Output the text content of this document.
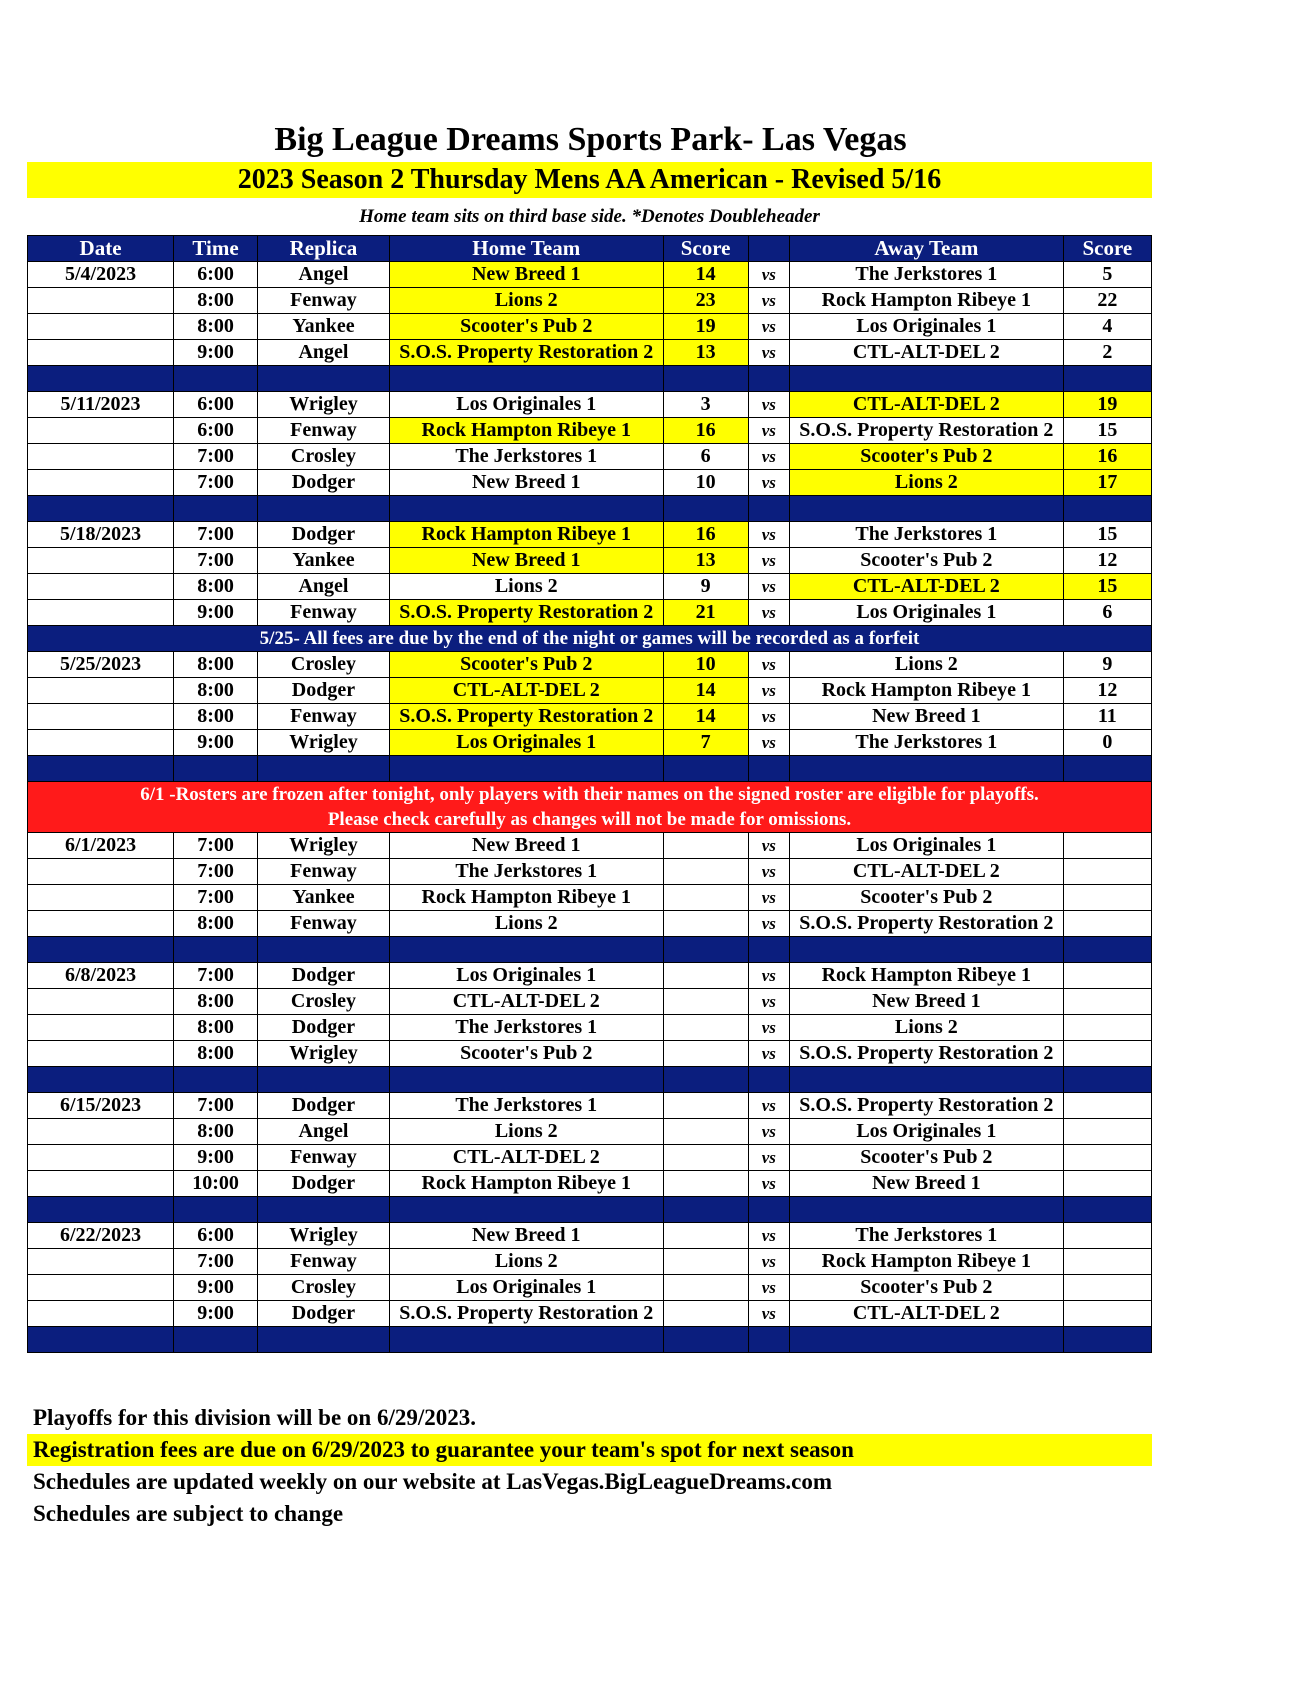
Big League Dreams Sports Park- Las Vegas
2023 Season 2 Thursday Mens AA American - Revised 5/16
Home team sits on third base side. *Denotes Doubleheader
Date	Time	Replica	Home Team	Score		Away Team	Score
5/4/2023	6:00	Angel	New Breed 1	14	vs	The Jerkstores 1	5
	8:00	Fenway	Lions 2	23	vs	Rock Hampton Ribeye 1	22
	8:00	Yankee	Scooter's Pub 2	19	vs	Los Originales 1	4
	9:00	Angel	S.O.S. Property Restoration 2	13	vs	CTL-ALT-DEL 2	2

5/11/2023	6:00	Wrigley	Los Originales 1	3	vs	CTL-ALT-DEL 2	19
	6:00	Fenway	Rock Hampton Ribeye 1	16	vs	S.O.S. Property Restoration 2	15
	7:00	Crosley	The Jerkstores 1	6	vs	Scooter's Pub 2	16
	7:00	Dodger	New Breed 1	10	vs	Lions 2	17

5/18/2023	7:00	Dodger	Rock Hampton Ribeye 1	16	vs	The Jerkstores 1	15
	7:00	Yankee	New Breed 1	13	vs	Scooter's Pub 2	12
	8:00	Angel	Lions 2	9	vs	CTL-ALT-DEL 2	15
	9:00	Fenway	S.O.S. Property Restoration 2	21	vs	Los Originales 1	6
5/25- All fees are due by the end of the night or games will be recorded as a forfeit							
5/25/2023	8:00	Crosley	Scooter's Pub 2	10	vs	Lions 2	9
	8:00	Dodger	CTL-ALT-DEL 2	14	vs	Rock Hampton Ribeye 1	12
	8:00	Fenway	S.O.S. Property Restoration 2	14	vs	New Breed 1	11
	9:00	Wrigley	Los Originales 1	7	vs	The Jerkstores 1	0

6/1 -Rosters are frozen after tonight, only players with their names on the signed roster are eligible for playoffs.
Please check carefully as changes will not be made for omissions.							

6/1/2023	7:00	Wrigley	New Breed 1		vs	Los Originales 1	
	7:00	Fenway	The Jerkstores 1		vs	CTL-ALT-DEL 2	
	7:00	Yankee	Rock Hampton Ribeye 1		vs	Scooter's Pub 2	
	8:00	Fenway	Lions 2		vs	S.O.S. Property Restoration 2	

6/8/2023	7:00	Dodger	Los Originales 1		vs	Rock Hampton Ribeye 1	
	8:00	Crosley	CTL-ALT-DEL 2		vs	New Breed 1	
	8:00	Dodger	The Jerkstores 1		vs	Lions 2	
	8:00	Wrigley	Scooter's Pub 2		vs	S.O.S. Property Restoration 2	

6/15/2023	7:00	Dodger	The Jerkstores 1		vs	S.O.S. Property Restoration 2	
	8:00	Angel	Lions 2		vs	Los Originales 1	
	9:00	Fenway	CTL-ALT-DEL 2		vs	Scooter's Pub 2	
	10:00	Dodger	Rock Hampton Ribeye 1		vs	New Breed 1	

6/22/2023	6:00	Wrigley	New Breed 1		vs	The Jerkstores 1	
	7:00	Fenway	Lions 2		vs	Rock Hampton Ribeye 1	
	9:00	Crosley	Los Originales 1		vs	Scooter's Pub 2	
	9:00	Dodger	S.O.S. Property Restoration 2		vs	CTL-ALT-DEL 2	

Playoffs for this division will be on 6/29/2023.
Registration fees are due on 6/29/2023 to guarantee your team's spot for next season
Schedules are updated weekly on our website at LasVegas.BigLeagueDreams.com
Schedules are subject to change
